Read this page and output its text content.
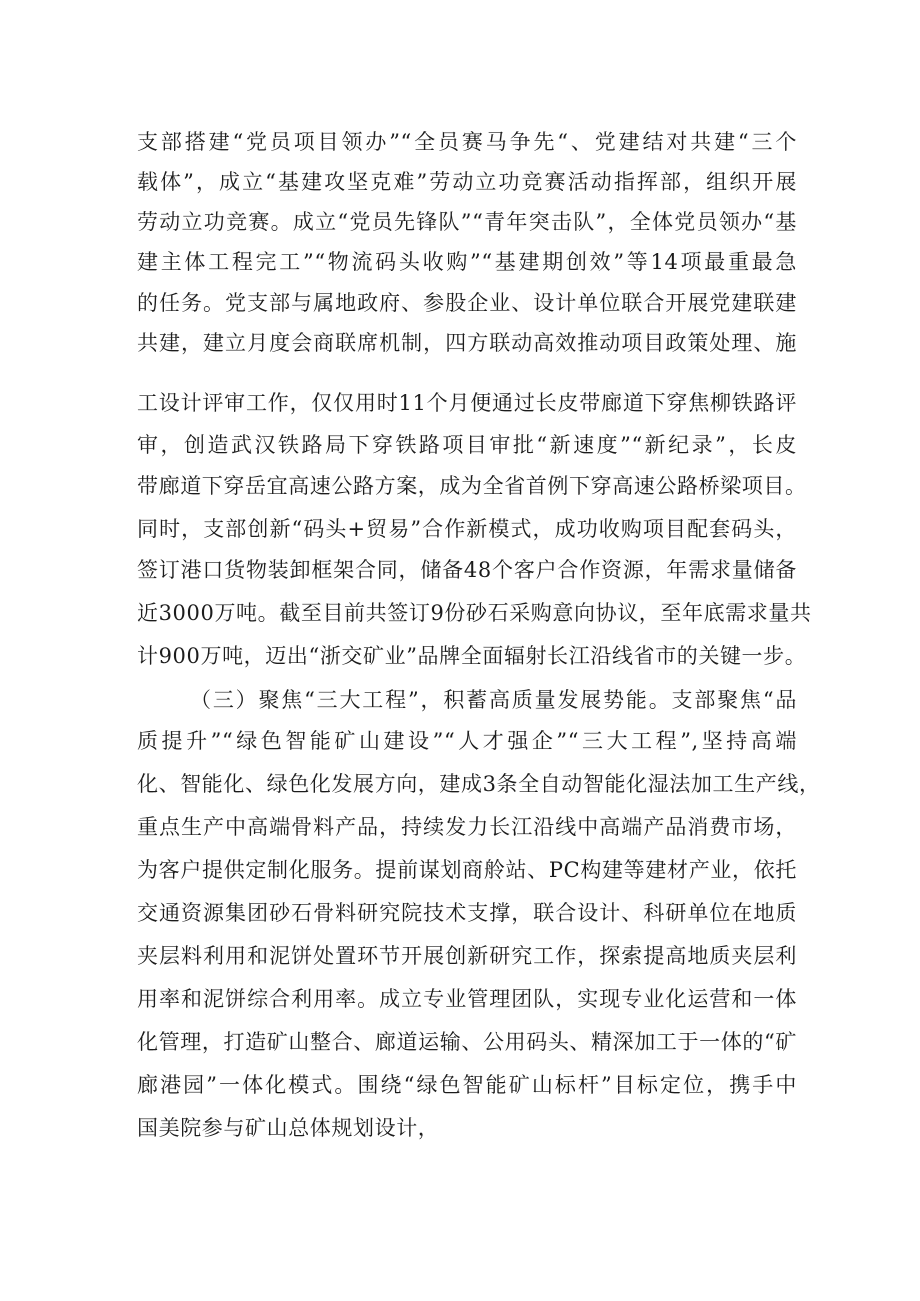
支部搭建“党员项目领办”“全员赛马争先“、党建结对共建“三个
载体”，成立“基建攻坚克难”劳动立功竞赛活动指挥部，组织开展
劳动立功竞赛。成立“党员先锋队”“青年突击队”，全体党员领办“基
建主体工程完工”“物流码头收购”“基建期创效”等14项最重最急
的任务。党支部与属地政府、参股企业、设计单位联合开展党建联建
共建，建立月度会商联席机制，四方联动高效推动项目政策处理、施
工设计评审工作，仅仅用时11个月便通过长皮带廊道下穿焦柳铁路评
审，创造武汉铁路局下穿铁路项目审批“新速度”“新纪录”，长皮
带廊道下穿岳宜高速公路方案，成为全省首例下穿高速公路桥梁项目。
同时，支部创新“码头+贸易”合作新模式，成功收购项目配套码头，
签订港口货物装卸框架合同，储备48个客户合作资源，年需求量储备
近3000万吨。截至目前共签订9份砂石采购意向协议，至年底需求量共
计900万吨，迈出“浙交矿业”品牌全面辐射长江沿线省市的关键一步。
（三）聚焦“三大工程”，积蓄高质量发展势能。支部聚焦“品
质提升”“绿色智能矿山建设”“人才强企”“三大工程”,坚持高端
化、智能化、绿色化发展方向，建成3条全自动智能化湿法加工生产线，
重点生产中高端骨料产品，持续发力长江沿线中高端产品消费市场，
为客户提供定制化服务。提前谋划商舲站、PC构建等建材产业，依托
交通资源集团砂石骨料研究院技术支撑，联合设计、科研单位在地质
夹层料利用和泥饼处置环节开展创新研究工作，探索提高地质夹层利
用率和泥饼综合利用率。成立专业管理团队，实现专业化运营和一体
化管理，打造矿山整合、廊道运输、公用码头、精深加工于一体的“矿
廊港园”一体化模式。围绕“绿色智能矿山标杆”目标定位，携手中
国美院参与矿山总体规划设计，
